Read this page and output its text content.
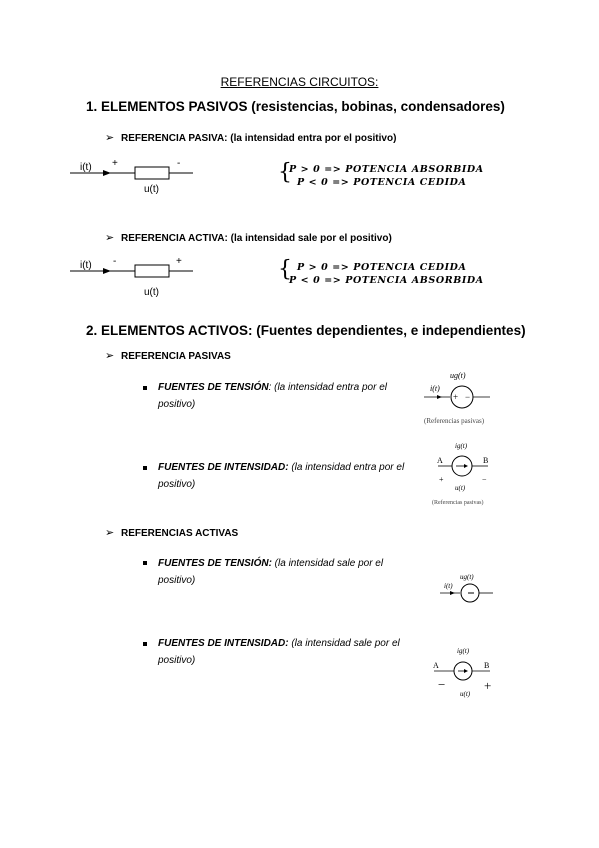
REFERENCIAS CIRCUITOS:
1. ELEMENTOS PASIVOS (resistencias, bobinas, condensadores)
➢ REFERENCIA PASIVA: (la intensidad entra por el positivo)
i(t) +	-
u(t)
{
P > 0 => POTENCIA ABSORBIDA
P < 0 => POTENCIA CEDIDA
➢ REFERENCIA ACTIVA: (la intensidad sale por el positivo)
i(t) -	+
u(t)
{ P > 0 => POTENCIA CEDIDA
P < 0 => POTENCIA ABSORBIDA
2. ELEMENTOS ACTIVOS: (Fuentes dependientes, e independientes)
➢ REFERENCIA PASIVAS
FUENTES DE TENSIÓN: (la intensidad entra por el positivo)
ug(t)
i(t)
+ −
(Referencias pasivas)
FUENTES DE INTENSIDAD: (la intensidad entra por el positivo)
ig(t)
A	B
+	−
u(t)
(Referencias pasivas)
➢ REFERENCIAS ACTIVAS
FUENTES DE TENSIÓN: (la intensidad sale por el positivo)	ug(t)
i(t)
FUENTES DE INTENSIDAD: (la intensidad sale por el positivo)
ig(t)
A	B
−	+
u(t)
